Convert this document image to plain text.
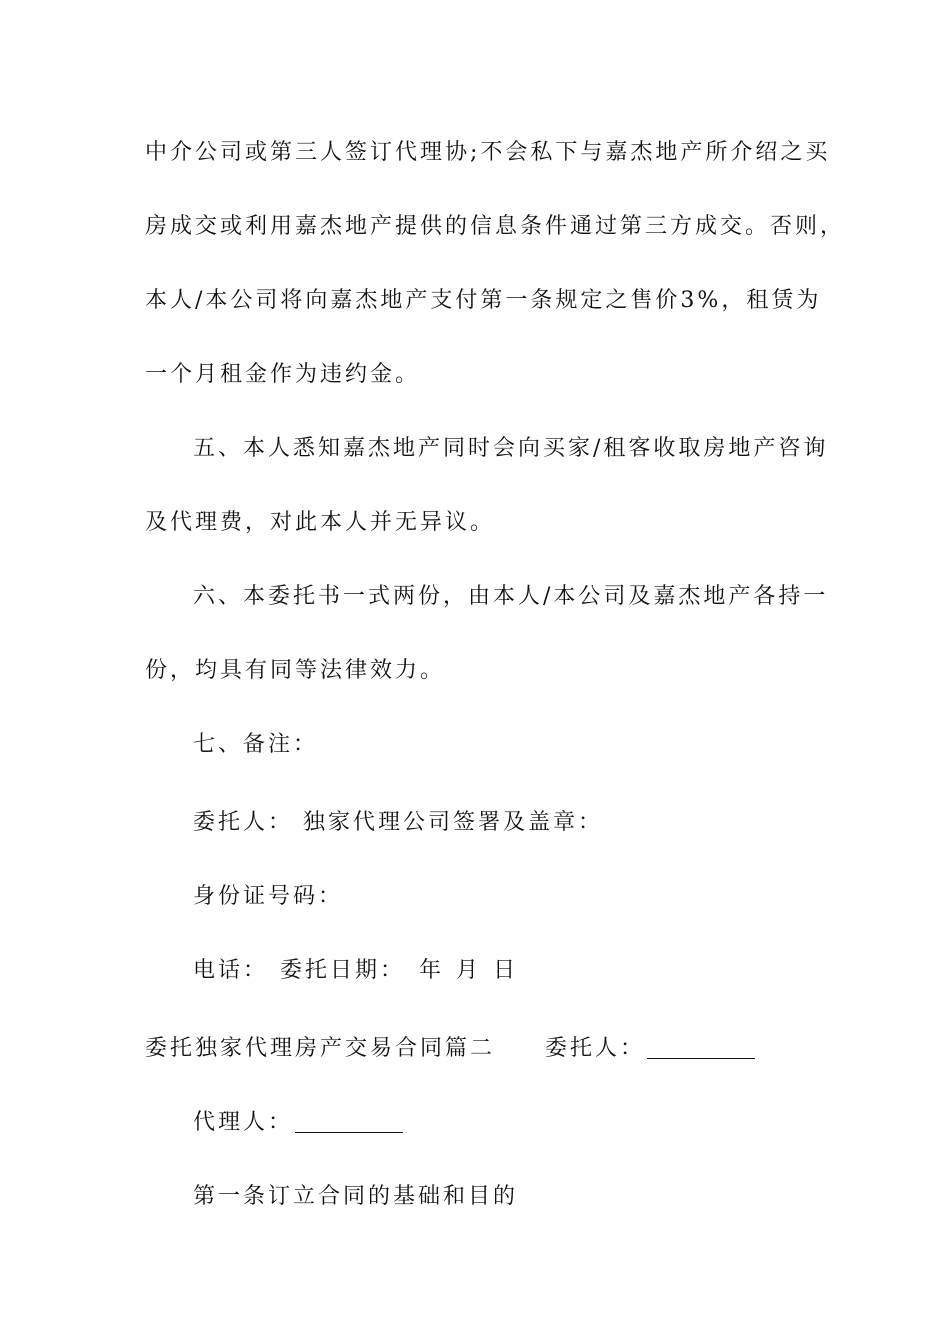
中介公司或第三人签订代理协;不会私下与嘉杰地产所介绍之买
房成交或利用嘉杰地产提供的信息条件通过第三方成交。否则，
本人/本公司将向嘉杰地产支付第一条规定之售价3%，租赁为
一个月租金作为违约金。
五、本人悉知嘉杰地产同时会向买家/租客收取房地产咨询
及代理费，对此本人并无异议。
六、本委托书一式两份，由本人/本公司及嘉杰地产各持一
份，均具有同等法律效力。
七、备注：
委托人： 独家代理公司签署及盖章：
身份证号码：
电话： 委托日期： 年 月 日
委托独家代理房产交易合同篇二 委托人：
代理人：
第一条订立合同的基础和目的
